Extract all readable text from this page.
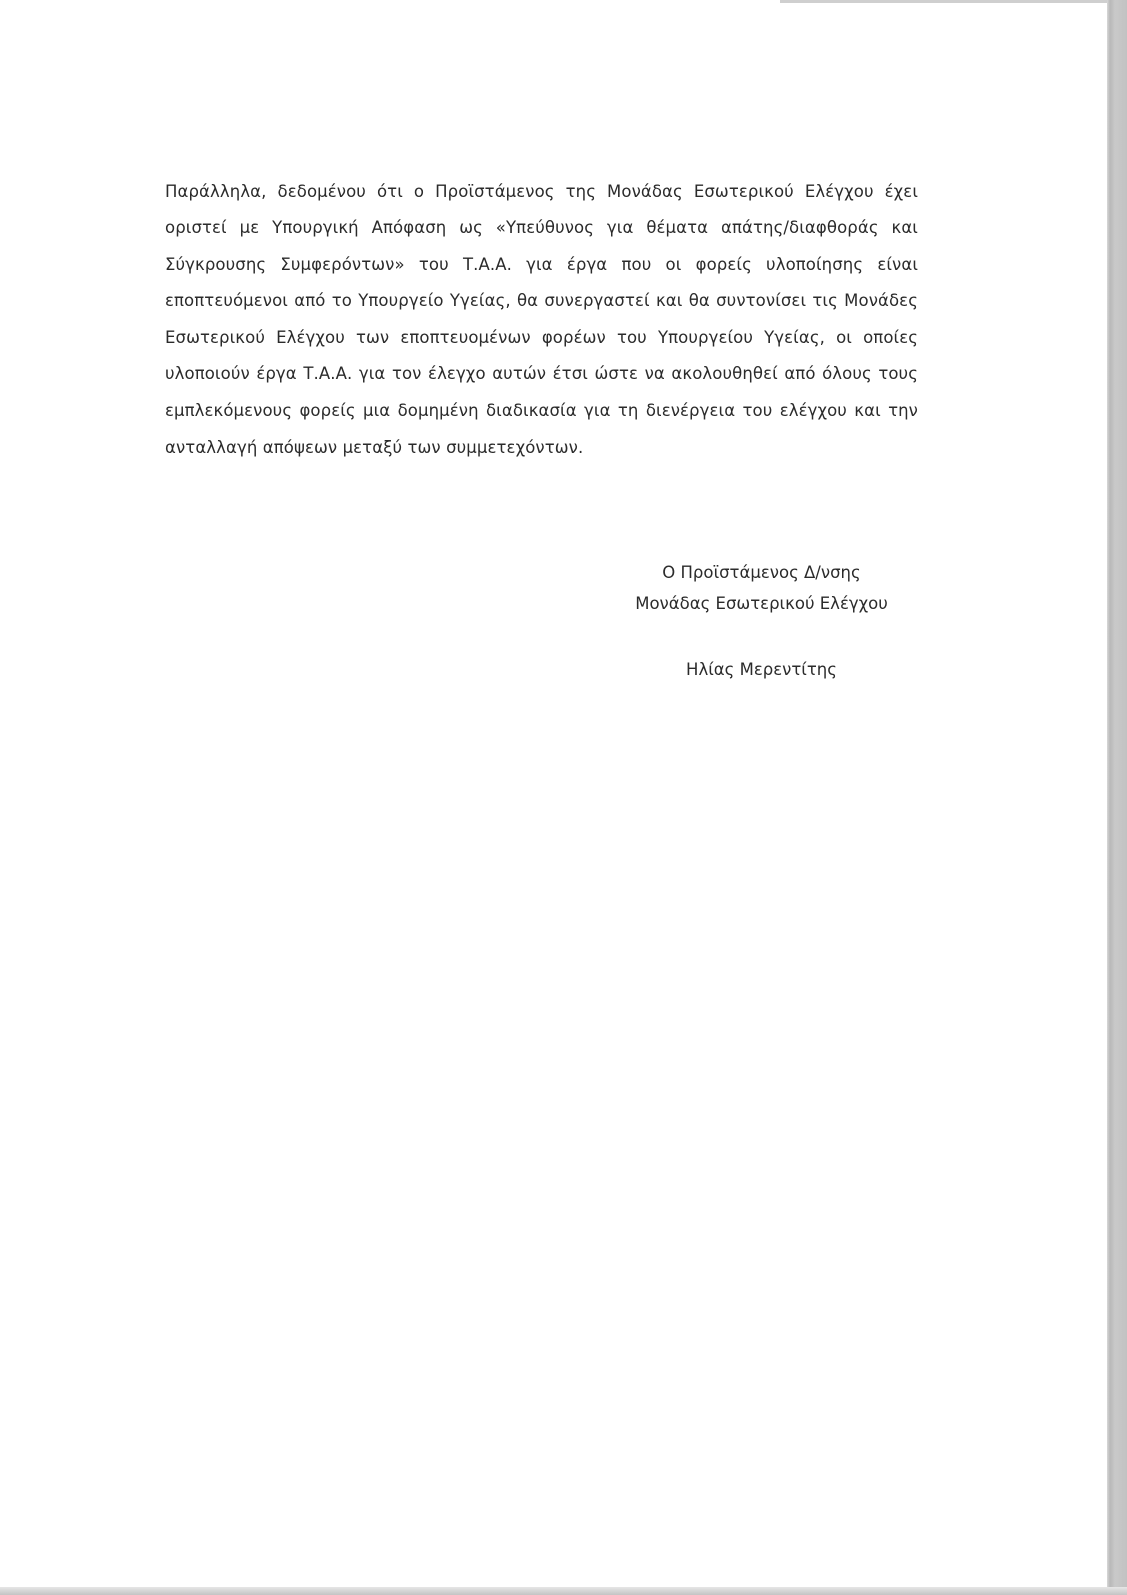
Παράλληλα, δεδομένου ότι ο Προϊστάμενος της Μονάδας Εσωτερικού Ελέγχου έχει οριστεί με Υπουργική Απόφαση ως «Υπεύθυνος για θέματα απάτης/διαφθοράς και Σύγκρουσης Συμφερόντων» του Τ.Α.Α. για έργα που οι φορείς υλοποίησης είναι εποπτευόμενοι από το Υπουργείο Υγείας, θα συνεργαστεί και θα συντονίσει τις Μονάδες Εσωτερικού Ελέγχου των εποπτευομένων φορέων του Υπουργείου Υγείας, οι οποίες υλοποιούν έργα Τ.Α.Α. για τον έλεγχο αυτών έτσι ώστε να ακολουθηθεί από όλους τους εμπλεκόμενους φορείς μια δομημένη διαδικασία για τη διενέργεια του ελέγχου και την ανταλλαγή απόψεων μεταξύ των συμμετεχόντων.

Ο Προϊστάμενος Δ/νσης
Μονάδας Εσωτερικού Ελέγχου
Ηλίας Μερεντίτης
